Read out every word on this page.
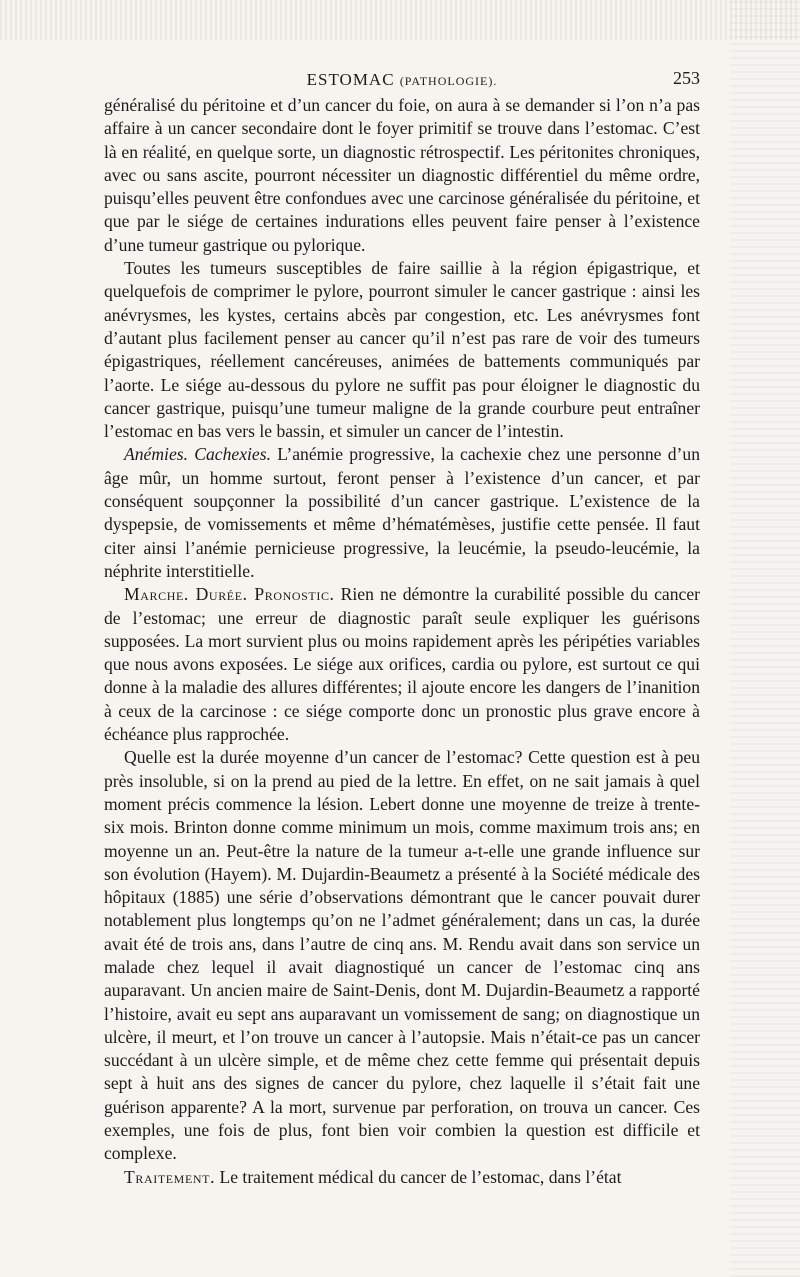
ESTOMAC (PATHOLOGIE).	253

généralisé du péritoine et d’un cancer du foie, on aura à se demander si l’on n’a pas affaire à un cancer secondaire dont le foyer primitif se trouve dans l’estomac. C’est là en réalité, en quelque sorte, un diagnostic rétrospectif. Les péritonites chroniques, avec ou sans ascite, pourront nécessiter un diagnostic différentiel du même ordre, puisqu’elles peuvent être confondues avec une carcinose généralisée du péritoine, et que par le siége de certaines indurations elles peuvent faire penser à l’existence d’une tumeur gastrique ou pylorique.

Toutes les tumeurs susceptibles de faire saillie à la région épigastrique, et quelquefois de comprimer le pylore, pourront simuler le cancer gastrique : ainsi les anévrysmes, les kystes, certains abcès par congestion, etc. Les anévrysmes font d’autant plus facilement penser au cancer qu’il n’est pas rare de voir des tumeurs épigastriques, réellement cancéreuses, animées de battements communiqués par l’aorte. Le siége au-dessous du pylore ne suffit pas pour éloigner le diagnostic du cancer gastrique, puisqu’une tumeur maligne de la grande courbure peut entraîner l’estomac en bas vers le bassin, et simuler un cancer de l’intestin.

Anémies. Cachexies. L’anémie progressive, la cachexie chez une personne d’un âge mûr, un homme surtout, feront penser à l’existence d’un cancer, et par conséquent soupçonner la possibilité d’un cancer gastrique. L’existence de la dyspepsie, de vomissements et même d’hématémèses, justifie cette pensée. Il faut citer ainsi l’anémie pernicieuse progressive, la leucémie, la pseudo-leucémie, la néphrite interstitielle.

Marche. Durée. Pronostic. Rien ne démontre la curabilité possible du cancer de l’estomac; une erreur de diagnostic paraît seule expliquer les guérisons supposées. La mort survient plus ou moins rapidement après les péripéties variables que nous avons exposées. Le siége aux orifices, cardia ou pylore, est surtout ce qui donne à la maladie des allures différentes; il ajoute encore les dangers de l’inanition à ceux de la carcinose : ce siége comporte donc un pronostic plus grave encore à échéance plus rapprochée.

Quelle est la durée moyenne d’un cancer de l’estomac? Cette question est à peu près insoluble, si on la prend au pied de la lettre. En effet, on ne sait jamais à quel moment précis commence la lésion. Lebert donne une moyenne de treize à trente-six mois. Brinton donne comme minimum un mois, comme maximum trois ans; en moyenne un an. Peut-être la nature de la tumeur a-t-elle une grande influence sur son évolution (Hayem). M. Dujardin-Beaumetz a présenté à la Société médicale des hôpitaux (1885) une série d’observations démontrant que le cancer pouvait durer notablement plus longtemps qu’on ne l’admet généralement; dans un cas, la durée avait été de trois ans, dans l’autre de cinq ans. M. Rendu avait dans son service un malade chez lequel il avait diagnostiqué un cancer de l’estomac cinq ans auparavant. Un ancien maire de Saint-Denis, dont M. Dujardin-Beaumetz a rapporté l’histoire, avait eu sept ans auparavant un vomissement de sang; on diagnostique un ulcère, il meurt, et l’on trouve un cancer à l’autopsie. Mais n’était-ce pas un cancer succédant à un ulcère simple, et de même chez cette femme qui présentait depuis sept à huit ans des signes de cancer du pylore, chez laquelle il s’était fait une guérison apparente? A la mort, survenue par perforation, on trouva un cancer. Ces exemples, une fois de plus, font bien voir combien la question est difficile et complexe.

Traitement. Le traitement médical du cancer de l’estomac, dans l’état
